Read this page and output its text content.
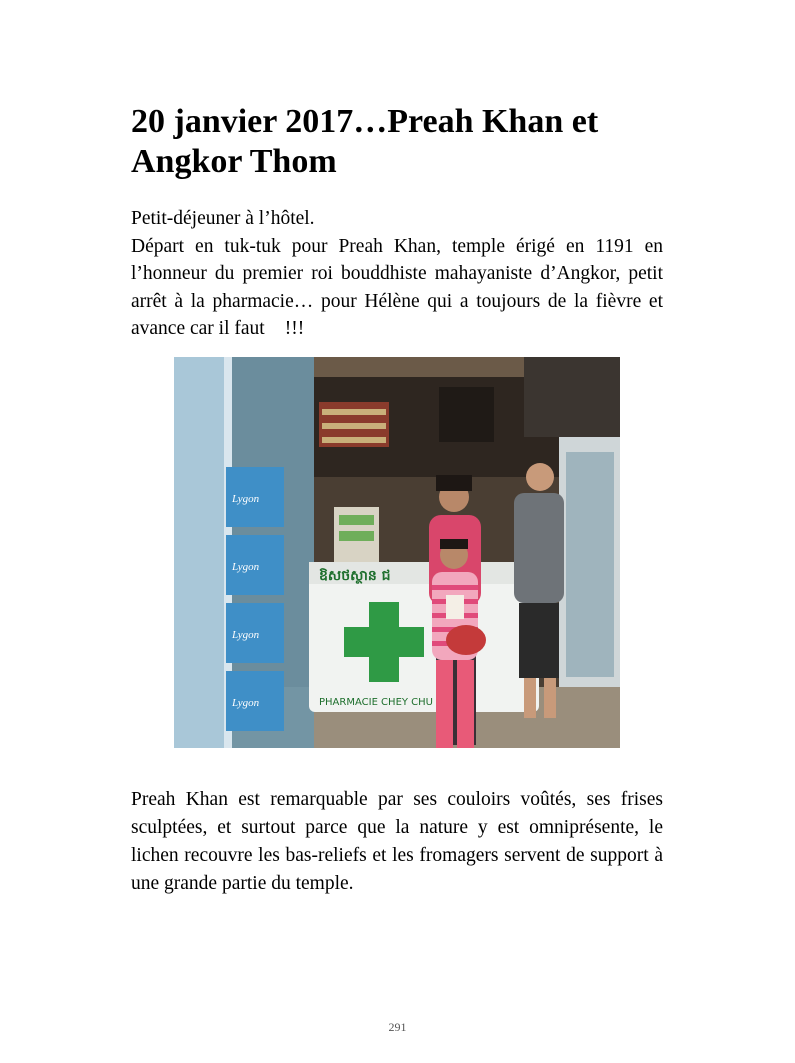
20 janvier 2017…Preah Khan et Angkor Thom

Petit-déjeuner à l’hôtel.

Départ en tuk-tuk pour Preah Khan, temple érigé en 1191 en l’honneur du premier roi bouddhiste mahayaniste d’Angkor, petit arrêt à la pharmacie… pour Hélène qui a toujours de la fièvre et avance car il faut !!!

Lygon
Lygon
Lygon
Lygon
ឱសថស្ថាន ជ
PHARMACIE CHEY CHU

Preah Khan est remarquable par ses couloirs voûtés, ses frises sculptées, et surtout parce que la nature y est omniprésente, le lichen recouvre les bas-reliefs et les fromagers servent de support à une grande partie du temple.

291
